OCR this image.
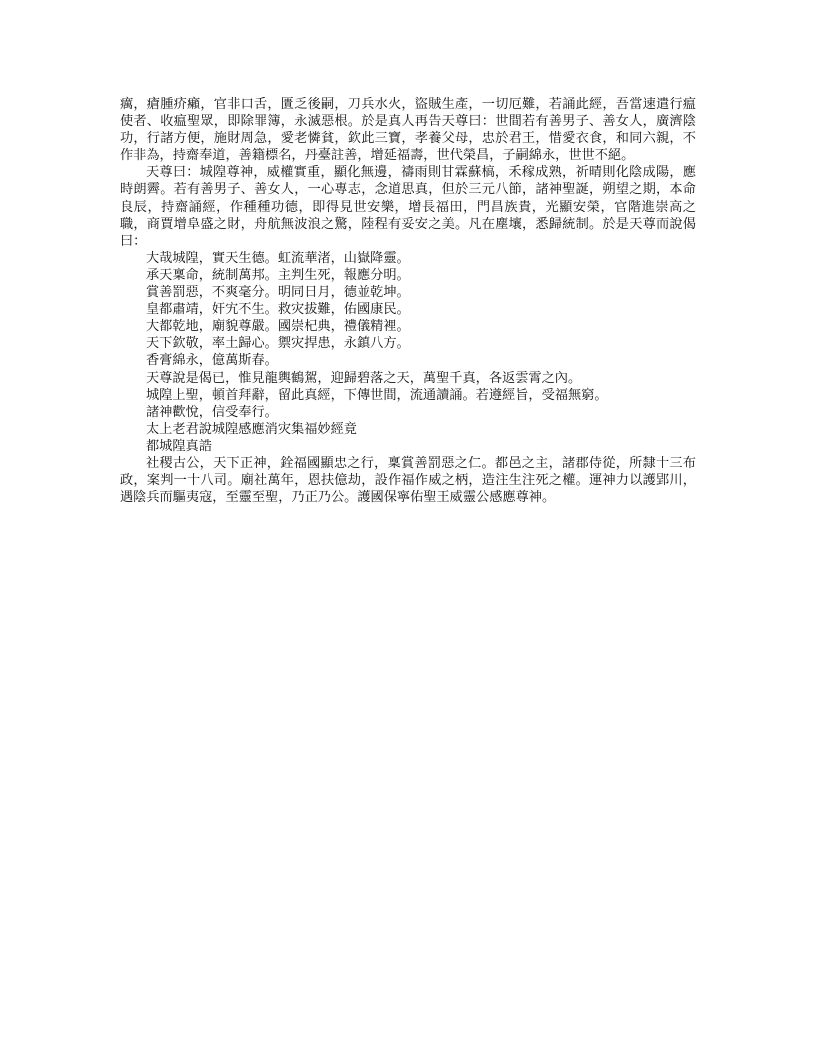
癘，瘡腫疥癩，官非口舌，匱乏後嗣，刀兵水火，盜賊生產，一切厄難，若誦此經，吾當速遣行瘟使者、收瘟聖眾，即除罪簿，永滅惡根。於是真人再告天尊曰：世間若有善男子、善女人，廣濟陰功，行諸方便，施財周急，愛老憐貧，欽此三寶，孝養父母，忠於君王，惜愛衣食，和同六親，不作非為，持齋奉道，善籍標名，丹臺註善，增延福壽，世代榮昌，子嗣綿永，世世不絕。

天尊曰：城隍尊神，威權實重，顯化無邊，禱雨則甘霖蘇槁，禾稼成熟，祈晴則化陰成陽，應時朗霽。若有善男子、善女人，一心專志，念道思真，但於三元八節，諸神聖誕，朔望之期，本命良辰，持齋誦經，作種種功德，即得見世安樂，增長福田，門昌族貴，光顯安榮，官階進崇高之職，商賈增阜盛之財，舟航無波浪之驚，陸程有妥安之美。凡在塵壤，悉歸統制。於是天尊而說偈曰：

大哉城隍，實天生德。虹流華渚，山嶽降靈。

承天稟命，統制萬邦。主判生死，報應分明。

賞善罰惡，不爽毫分。明同日月，德並乾坤。

皇都肅靖，奸宄不生。救灾拔難，佑國康民。

大都乾地，廟貌尊嚴。國崇杞典，禮儀精裡。

天下欽敬，率土歸心。禦灾捍患，永鎮八方。

香膏綿永，億萬斯春。

天尊說是偈已，惟見龍輿鶴駕，迎歸碧落之天，萬聖千真，各返雲霄之內。

城隍上聖，頓首拜辭，留此真經，下傳世間，流通讀誦。若遵經旨，受福無窮。

諸神歡悅，信受奉行。

太上老君說城隍感應消灾集福妙經竟

都城隍真誥

社稷古公，天下正神，銓福國顯忠之行，稟賞善罰惡之仁。都邑之主，諸郡侍從，所隸十三布政，案判一十八司。廟社萬年，恩扶億劫，設作福作威之柄，造注生注死之權。運神力以護郢川，遇陰兵而驅夷寇，至靈至聖，乃正乃公。護國保寧佑聖王威靈公感應尊神。
